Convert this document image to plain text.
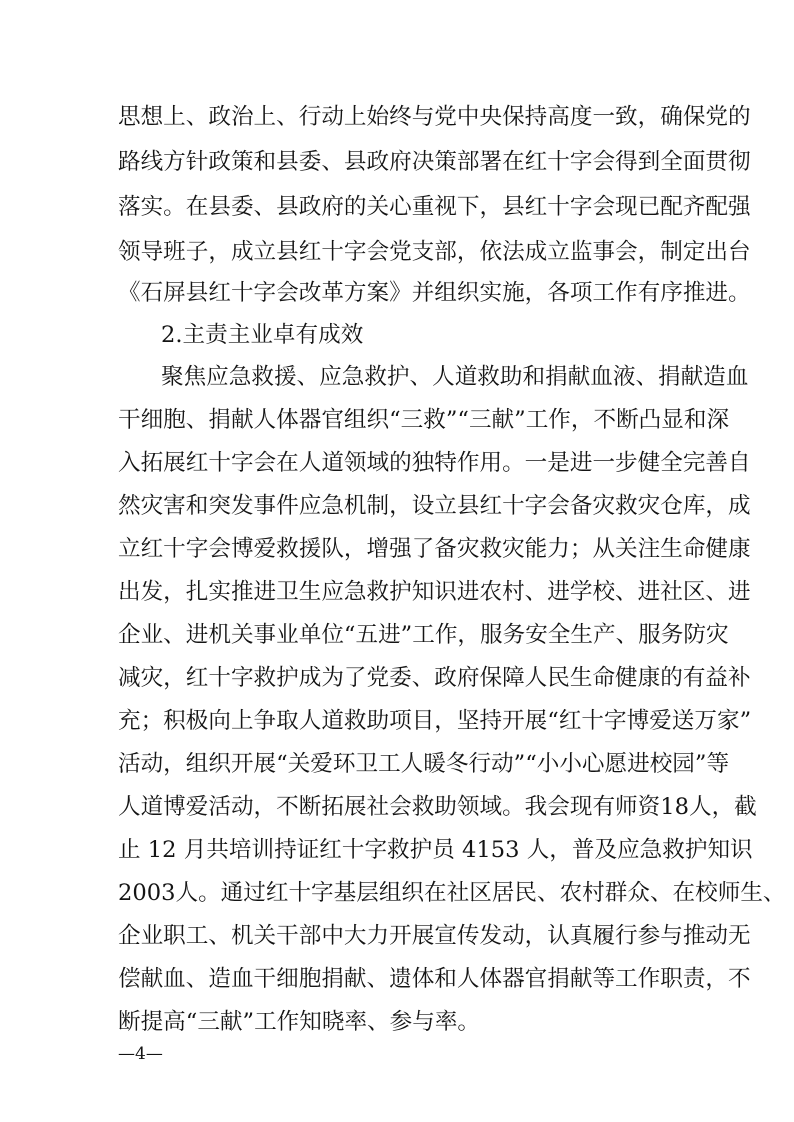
思想上、政治上、行动上始终与党中央保持高度一致，确保党的
路线方针政策和县委、县政府决策部署在红十字会得到全面贯彻
落实。在县委、县政府的关心重视下，县红十字会现已配齐配强
领导班子，成立县红十字会党支部，依法成立监事会，制定出台
《石屏县红十字会改革方案》并组织实施，各项工作有序推进。
2.主责主业卓有成效
聚焦应急救援、应急救护、人道救助和捐献血液、捐献造血
干细胞、捐献人体器官组织“三救”“三献”工作，不断凸显和深
入拓展红十字会在人道领域的独特作用。一是进一步健全完善自
然灾害和突发事件应急机制，设立县红十字会备灾救灾仓库，成
立红十字会博爱救援队，增强了备灾救灾能力；从关注生命健康
出发，扎实推进卫生应急救护知识进农村、进学校、进社区、进
企业、进机关事业单位“五进”工作，服务安全生产、服务防灾
减灾，红十字救护成为了党委、政府保障人民生命健康的有益补
充；积极向上争取人道救助项目，坚持开展“红十字博爱送万家”
活动，组织开展“关爱环卫工人暖冬行动”“小小心愿进校园”等
人道博爱活动，不断拓展社会救助领域。我会现有师资18人，截
止 12 月共培训持证红十字救护员 4153 人，普及应急救护知识
2003人。通过红十字基层组织在社区居民、农村群众、在校师生、
企业职工、机关干部中大力开展宣传发动，认真履行参与推动无
偿献血、造血干细胞捐献、遗体和人体器官捐献等工作职责，不
断提高“三献”工作知晓率、参与率。
—4—
